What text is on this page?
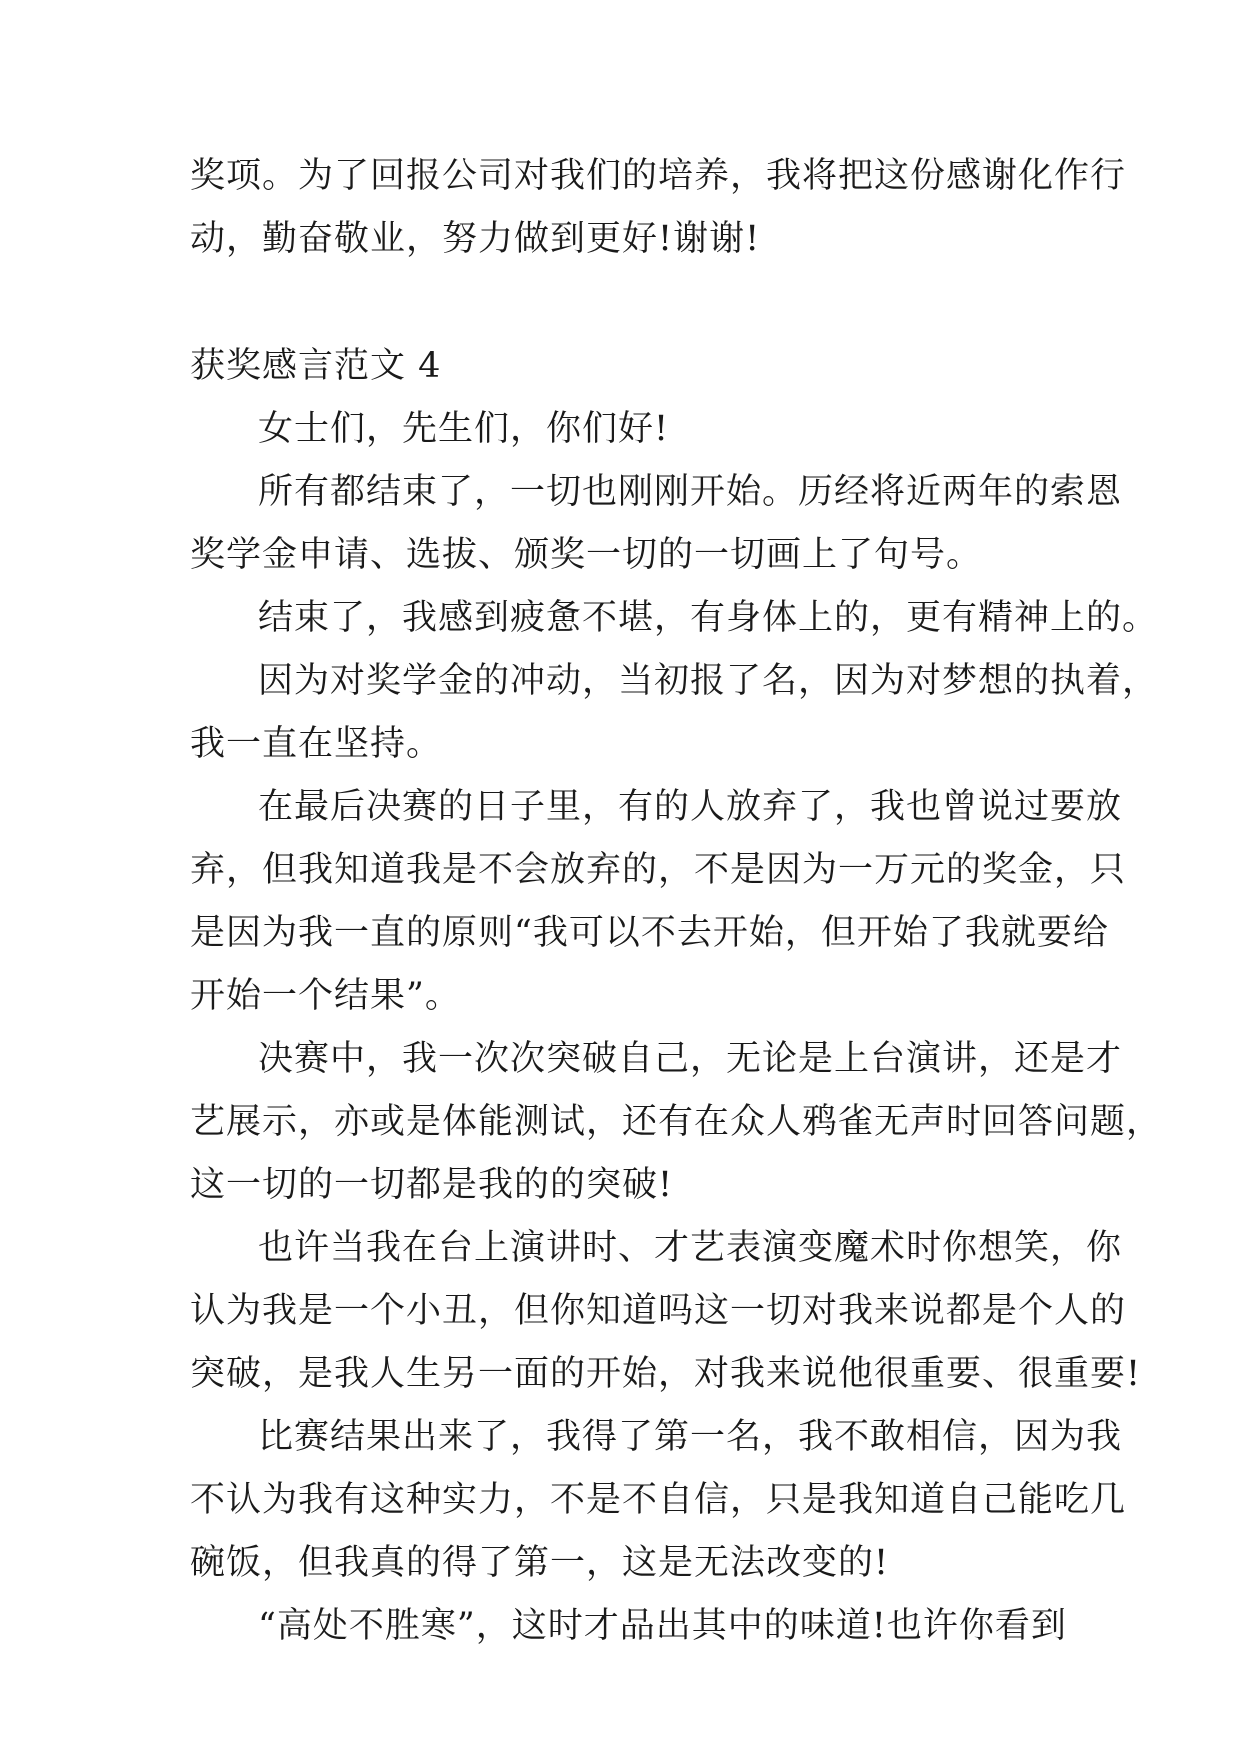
奖项。为了回报公司对我们的培养，我将把这份感谢化作行
动，勤奋敬业，努力做到更好!谢谢!
获奖感言范文 4
女士们，先生们，你们好!
所有都结束了，一切也刚刚开始。历经将近两年的索恩
奖学金申请、选拔、颁奖一切的一切画上了句号。
结束了，我感到疲惫不堪，有身体上的，更有精神上的。
因为对奖学金的冲动，当初报了名，因为对梦想的执着，
我一直在坚持。
在最后决赛的日子里，有的人放弃了，我也曾说过要放
弃，但我知道我是不会放弃的，不是因为一万元的奖金，只
是因为我一直的原则“我可以不去开始，但开始了我就要给
开始一个结果”。
决赛中，我一次次突破自己，无论是上台演讲，还是才
艺展示，亦或是体能测试，还有在众人鸦雀无声时回答问题，
这一切的一切都是我的的突破!
也许当我在台上演讲时、才艺表演变魔术时你想笑，你
认为我是一个小丑，但你知道吗这一切对我来说都是个人的
突破，是我人生另一面的开始，对我来说他很重要、很重要!
比赛结果出来了，我得了第一名，我不敢相信，因为我
不认为我有这种实力，不是不自信，只是我知道自己能吃几
碗饭，但我真的得了第一，这是无法改变的!
“高处不胜寒”，这时才品出其中的味道!也许你看到
